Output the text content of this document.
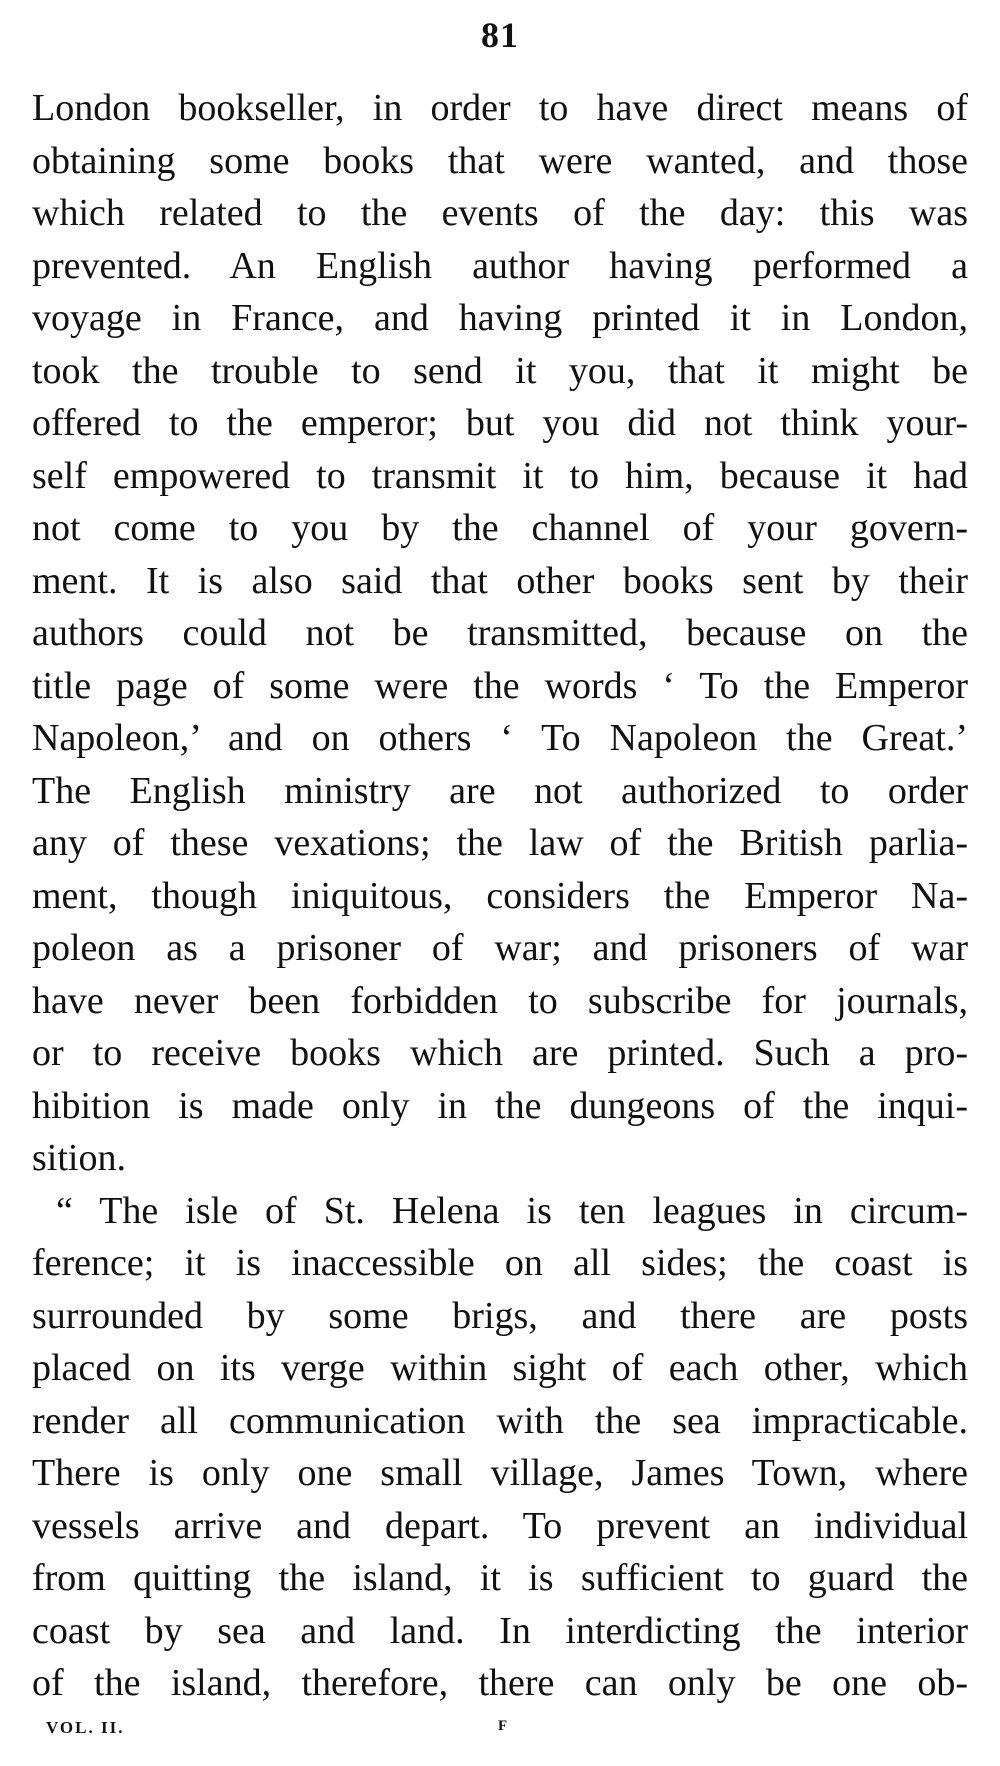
81
London bookseller, in order to have direct means of
obtaining some books that were wanted, and those
which related to the events of the day: this was
prevented. An English author having performed a
voyage in France, and having printed it in London,
took the trouble to send it you, that it might be
offered to the emperor; but you did not think your-
self empowered to transmit it to him, because it had
not come to you by the channel of your govern-
ment. It is also said that other books sent by their
authors could not be transmitted, because on the
title page of some were the words ‘ To the Emperor
Napoleon,’ and on others ‘ To Napoleon the Great.’
The English ministry are not authorized to order
any of these vexations; the law of the British parlia-
ment, though iniquitous, considers the Emperor Na-
poleon as a prisoner of war; and prisoners of war
have never been forbidden to subscribe for journals,
or to receive books which are printed. Such a pro-
hibition is made only in the dungeons of the inqui-
sition.
“ The isle of St. Helena is ten leagues in circum-
ference; it is inaccessible on all sides; the coast is
surrounded by some brigs, and there are posts
placed on its verge within sight of each other, which
render all communication with the sea impracticable.
There is only one small village, James Town, where
vessels arrive and depart. To prevent an individual
from quitting the island, it is sufficient to guard the
coast by sea and land. In interdicting the interior
of the island, therefore, there can only be one ob-
VOL. II.	F
